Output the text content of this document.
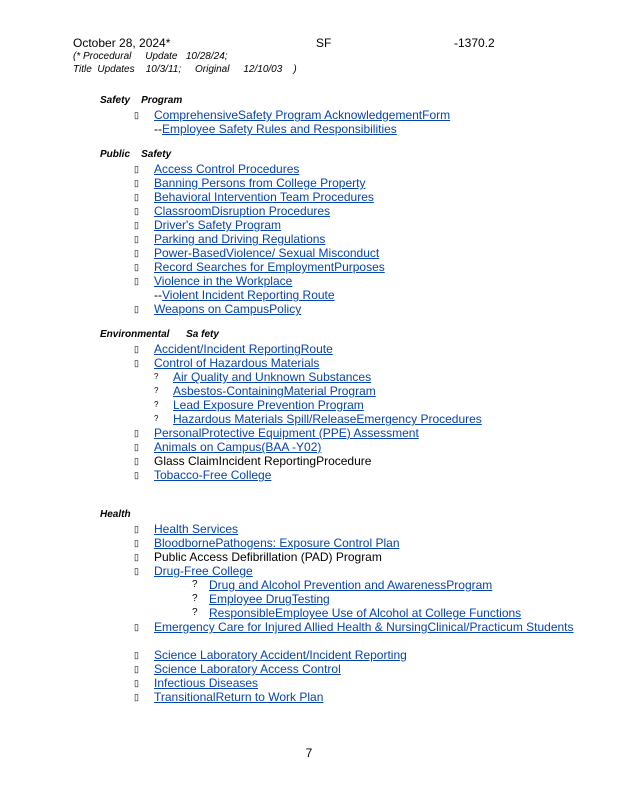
October 28, 2024*	SF	-1370.2
(* Procedural     Update   10/28/24;
Title  Updates    10/3/11;     Original     12/10/03    )
Safety    Program
▯ ComprehensiveSafety Program AcknowledgementForm
--Employee Safety Rules and Responsibilities
Public    Safety
▯ Access Control Procedures
▯ Banning Persons from College Property
▯ Behavioral Intervention Team Procedures
▯ ClassroomDisruption Procedures
▯ Driver's Safety Program
▯ Parking and Driving Regulations
▯ Power-BasedViolence/ Sexual Misconduct
▯ Record Searches for EmploymentPurposes
▯ Violence in the Workplace
--Violent Incident Reporting Route
▯ Weapons on CampusPolicy
Environmental      Sa fety
▯ Accident/Incident ReportingRoute
▯ Control of Hazardous Materials
? Air Quality and Unknown Substances
? Asbestos-ContainingMaterial Program
? Lead Exposure Prevention Program
? Hazardous Materials Spill/ReleaseEmergency Procedures
▯ PersonalProtective Equipment (PPE) Assessment
▯ Animals on Campus(BAA -Y02)
▯ Glass ClaimIncident ReportingProcedure
▯ Tobacco-Free College
Health
▯ Health Services
▯ BloodbornePathogens: Exposure Control Plan
▯ Public Access Defibrillation (PAD) Program
▯ Drug-Free College
? Drug and Alcohol Prevention and AwarenessProgram
? Employee DrugTesting
? ResponsibleEmployee Use of Alcohol at College Functions
▯ Emergency Care for Injured Allied Health & NursingClinical/Practicum Students
▯ Science Laboratory Accident/Incident Reporting
▯ Science Laboratory Access Control
▯ Infectious Diseases
▯ TransitionalReturn to Work Plan
7
